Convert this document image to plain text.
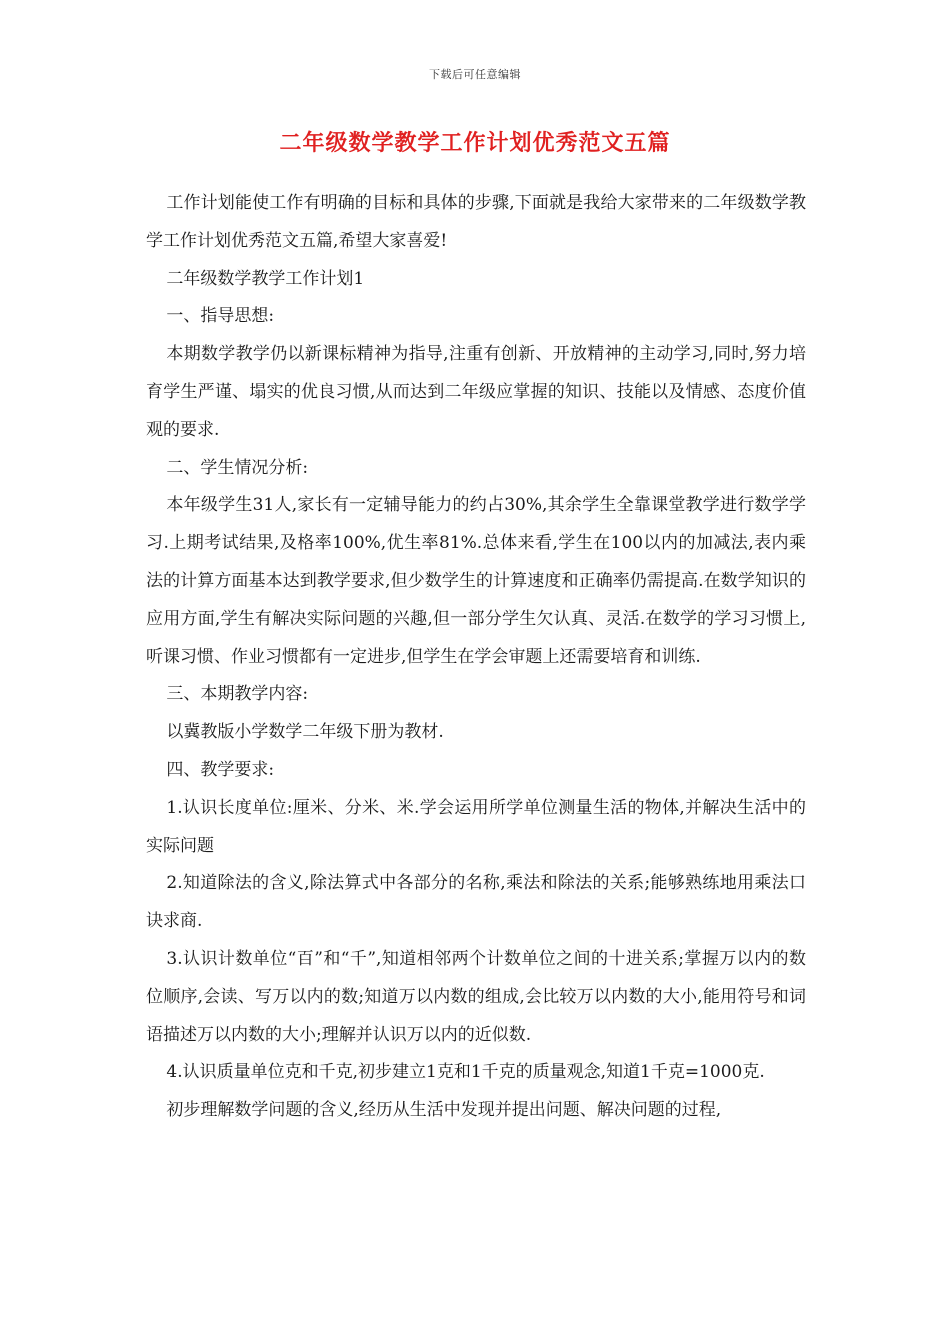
下载后可任意编辑
二年级数学教学工作计划优秀范文五篇

工作计划能使工作有明确的目标和具体的步骤,下面就是我给大家带来的二年级数学教学工作计划优秀范文五篇,希望大家喜爱!

二年级数学教学工作计划1

一、指导思想:

本期数学教学仍以新课标精神为指导,注重有创新、开放精神的主动学习,同时,努力培育学生严谨、塌实的优良习惯,从而达到二年级应掌握的知识、技能以及情感、态度价值观的要求.

二、学生情况分析:

本年级学生31人,家长有一定辅导能力的约占30%,其余学生全靠课堂教学进行数学学习.上期考试结果,及格率100%,优生率81%.总体来看,学生在100以内的加减法,表内乘法的计算方面基本达到教学要求,但少数学生的计算速度和正确率仍需提高.在数学知识的应用方面,学生有解决实际问题的兴趣,但一部分学生欠认真、灵活.在数学的学习习惯上,听课习惯、作业习惯都有一定进步,但学生在学会审题上还需要培育和训练.

三、本期教学内容:

以冀教版小学数学二年级下册为教材.

四、教学要求:

1.认识长度单位:厘米、分米、米.学会运用所学单位测量生活的物体,并解决生活中的实际问题

2.知道除法的含义,除法算式中各部分的名称,乘法和除法的关系;能够熟练地用乘法口诀求商.

3.认识计数单位“百”和“千”,知道相邻两个计数单位之间的十进关系;掌握万以内的数位顺序,会读、写万以内的数;知道万以内数的组成,会比较万以内数的大小,能用符号和词语描述万以内数的大小;理解并认识万以内的近似数.

4.认识质量单位克和千克,初步建立1克和1千克的质量观念,知道1千克=1000克.

初步理解数学问题的含义,经历从生活中发现并提出问题、解决问题的过程,
